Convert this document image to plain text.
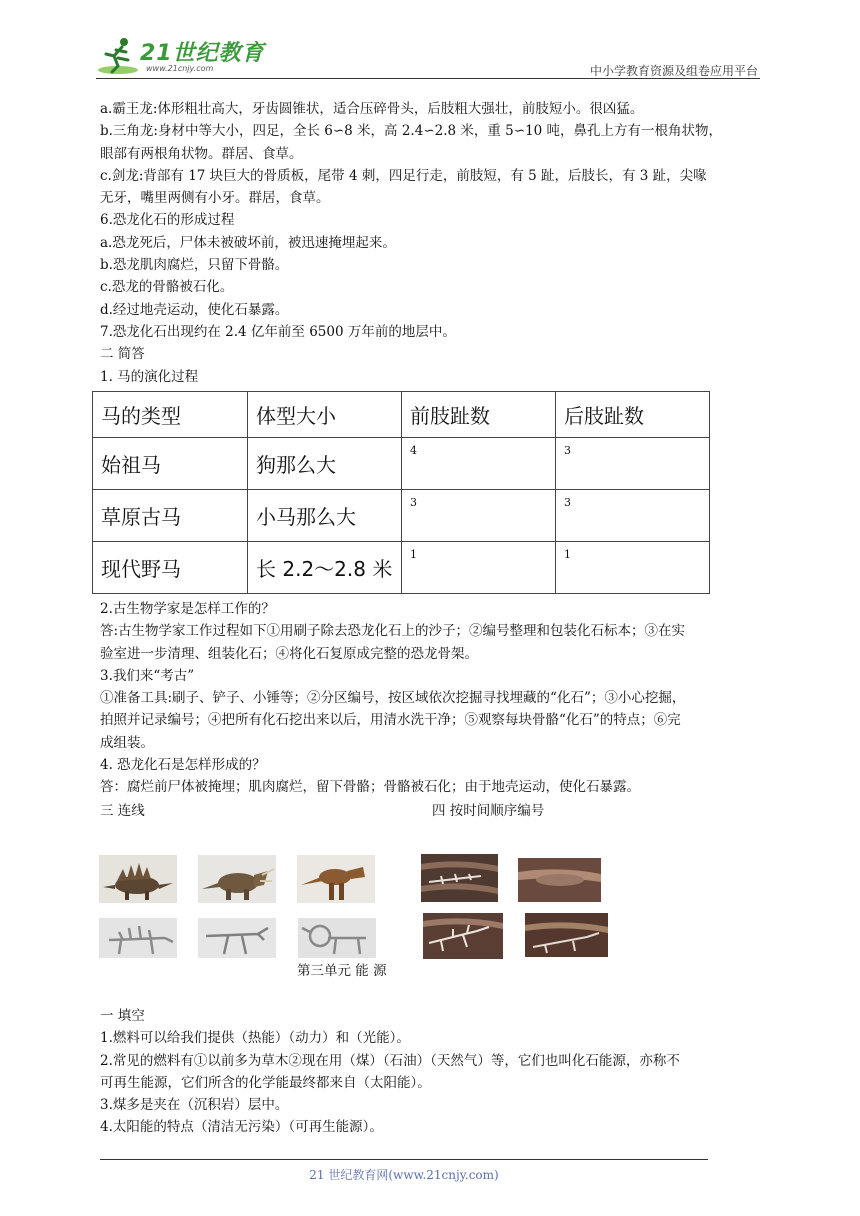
21世纪教育
www.21cnjy.com	中小学教育资源及组卷应用平台
a.霸王龙:体形粗壮高大，牙齿圆锥状，适合压碎骨头，后肢粗大强壮，前肢短小。很凶猛。
b.三角龙:身材中等大小，四足，全长 6∽8 米，高 2.4∽2.8 米，重 5∽10 吨，鼻孔上方有一根角状物，
眼部有两根角状物。群居、食草。
c.剑龙:背部有 17 块巨大的骨质板，尾带 4 刺，四足行走，前肢短，有 5 趾，后肢长，有 3 趾，尖喙
无牙，嘴里两侧有小牙。群居，食草。
6.恐龙化石的形成过程
a.恐龙死后，尸体未被破坏前，被迅速掩埋起来。
b.恐龙肌肉腐烂，只留下骨骼。
c.恐龙的骨骼被石化。
d.经过地壳运动，使化石暴露。
7.恐龙化石出现约在 2.4 亿年前至 6500 万年前的地层中。
二 简答
1. 马的演化过程
马的类型	体型大小	前肢趾数	后肢趾数
始祖马	狗那么大	4	3
草原古马	小马那么大	3	3
现代野马	长 2.2～2.8 米	1	1
2.古生物学家是怎样工作的？
答:古生物学家工作过程如下①用刷子除去恐龙化石上的沙子；②编号整理和包装化石标本；③在实
验室进一步清理、组装化石；④将化石复原成完整的恐龙骨架。
3.我们来“考古”
①准备工具:刷子、铲子、小锤等；②分区编号，按区域依次挖掘寻找埋藏的“化石”；③小心挖掘，
拍照并记录编号；④把所有化石挖出来以后，用清水洗干净；⑤观察每块骨骼“化石”的特点；⑥完
成组装。
4. 恐龙化石是怎样形成的？
答：腐烂前尸体被掩埋；肌肉腐烂，留下骨骼；骨骼被石化；由于地壳运动，使化石暴露。
三 连线	四 按时间顺序编号
第三单元 能 源
一 填空
1.燃料可以给我们提供（热能）（动力）和（光能）。
2.常见的燃料有①以前多为草木②现在用（煤）（石油）（天然气）等，它们也叫化石能源，亦称不
可再生能源，它们所含的化学能最终都来自（太阳能）。
3.煤多是夹在（沉积岩）层中。
4.太阳能的特点（清洁无污染）（可再生能源）。
21 世纪教育网(www.21cnjy.com)
